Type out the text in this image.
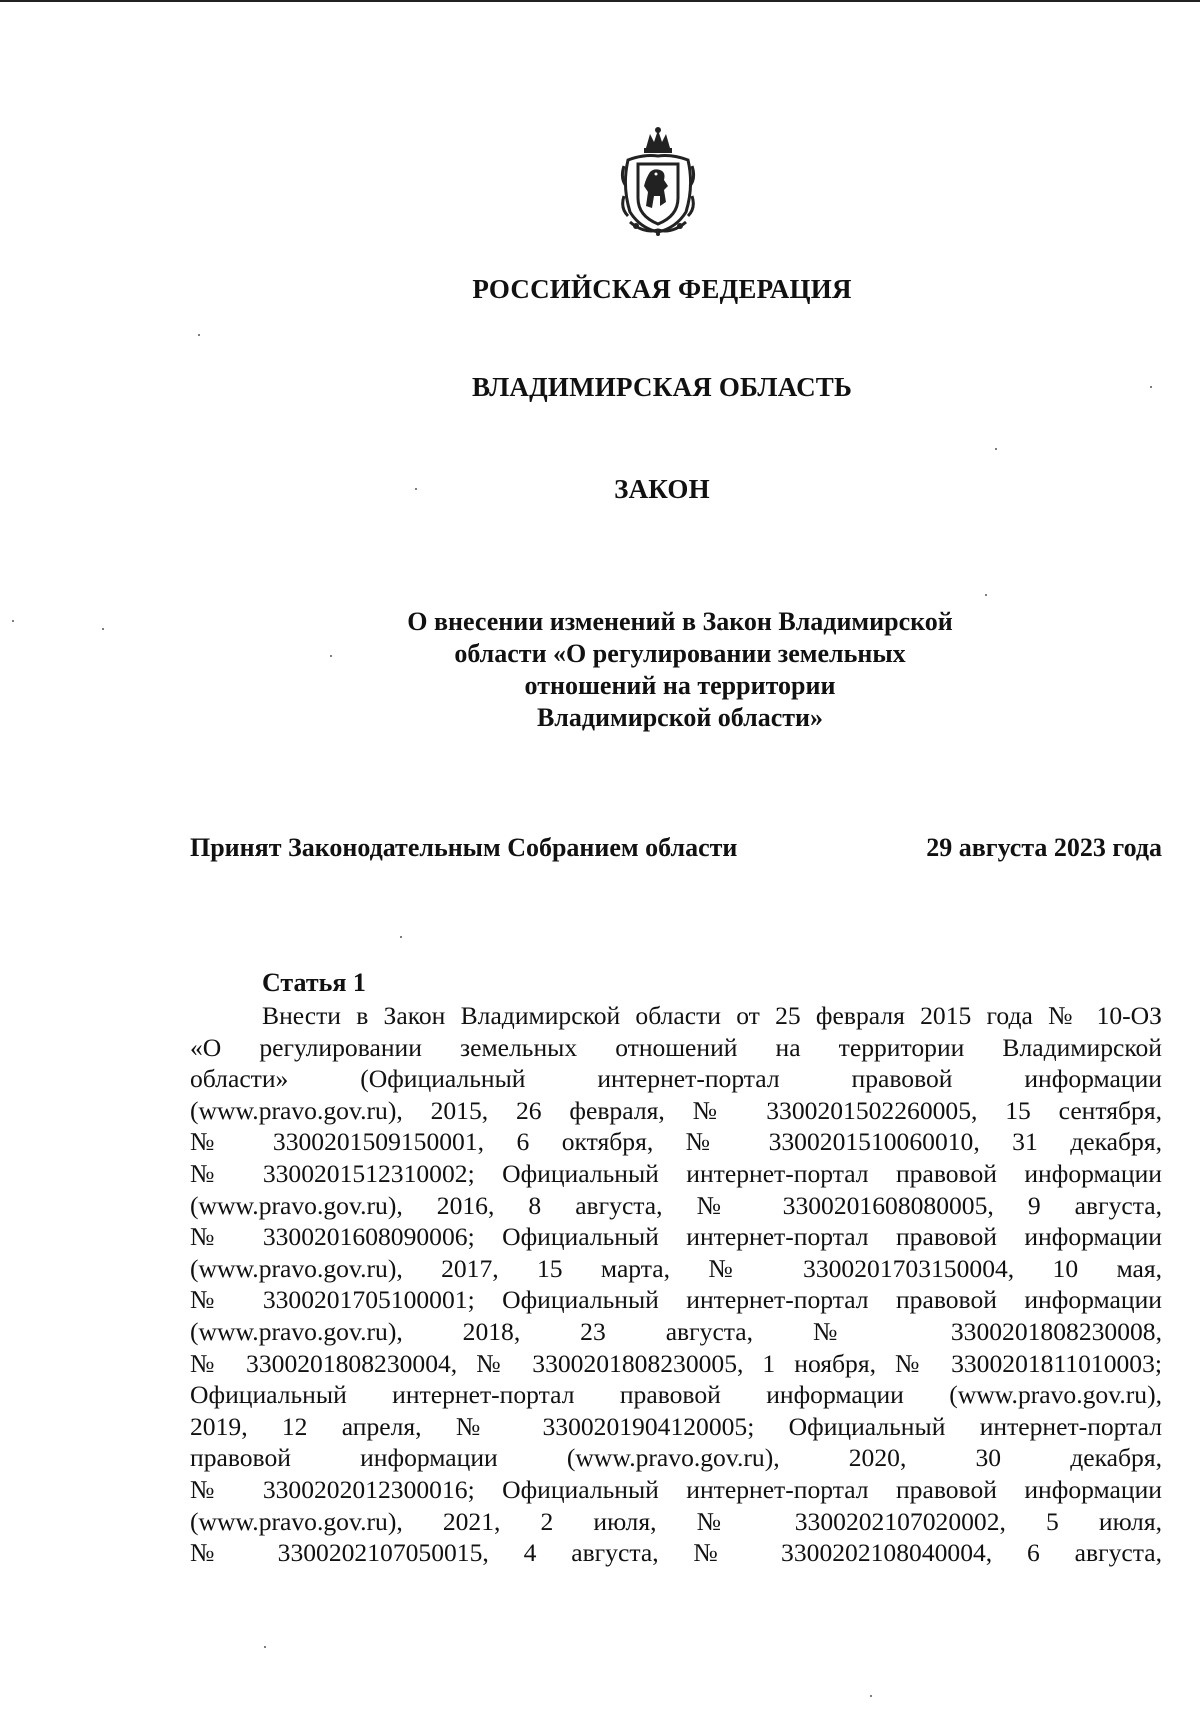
РОССИЙСКАЯ ФЕДЕРАЦИЯ
ВЛАДИМИРСКАЯ ОБЛАСТЬ
ЗАКОН
О внесении изменений в Закон Владимирской
области «О регулировании земельных
отношений на территории
Владимирской области»
Принят Законодательным Собранием области	29 августа 2023 года
Статья 1
Внести в Закон Владимирской области от 25 февраля 2015 года № 10-ОЗ
«О регулировании земельных отношений на территории Владимирской
области» (Официальный интернет-портал правовой информации
(www.pravo.gov.ru), 2015, 26 февраля, № 3300201502260005, 15 сентября,
№ 3300201509150001, 6 октября, № 3300201510060010, 31 декабря,
№ 3300201512310002; Официальный интернет-портал правовой информации
(www.pravo.gov.ru), 2016, 8 августа, № 3300201608080005, 9 августа,
№ 3300201608090006; Официальный интернет-портал правовой информации
(www.pravo.gov.ru), 2017, 15 марта, № 3300201703150004, 10 мая,
№ 3300201705100001; Официальный интернет-портал правовой информации
(www.pravo.gov.ru), 2018, 23 августа, № 3300201808230008,
№ 3300201808230004, № 3300201808230005, 1 ноября, № 3300201811010003;
Официальный интернет-портал правовой информации (www.pravo.gov.ru),
2019, 12 апреля, № 3300201904120005; Официальный интернет-портал
правовой информации (www.pravo.gov.ru), 2020, 30 декабря,
№ 3300202012300016; Официальный интернет-портал правовой информации
(www.pravo.gov.ru), 2021, 2 июля, № 3300202107020002, 5 июля,
№ 3300202107050015, 4 августа, № 3300202108040004, 6 августа,
